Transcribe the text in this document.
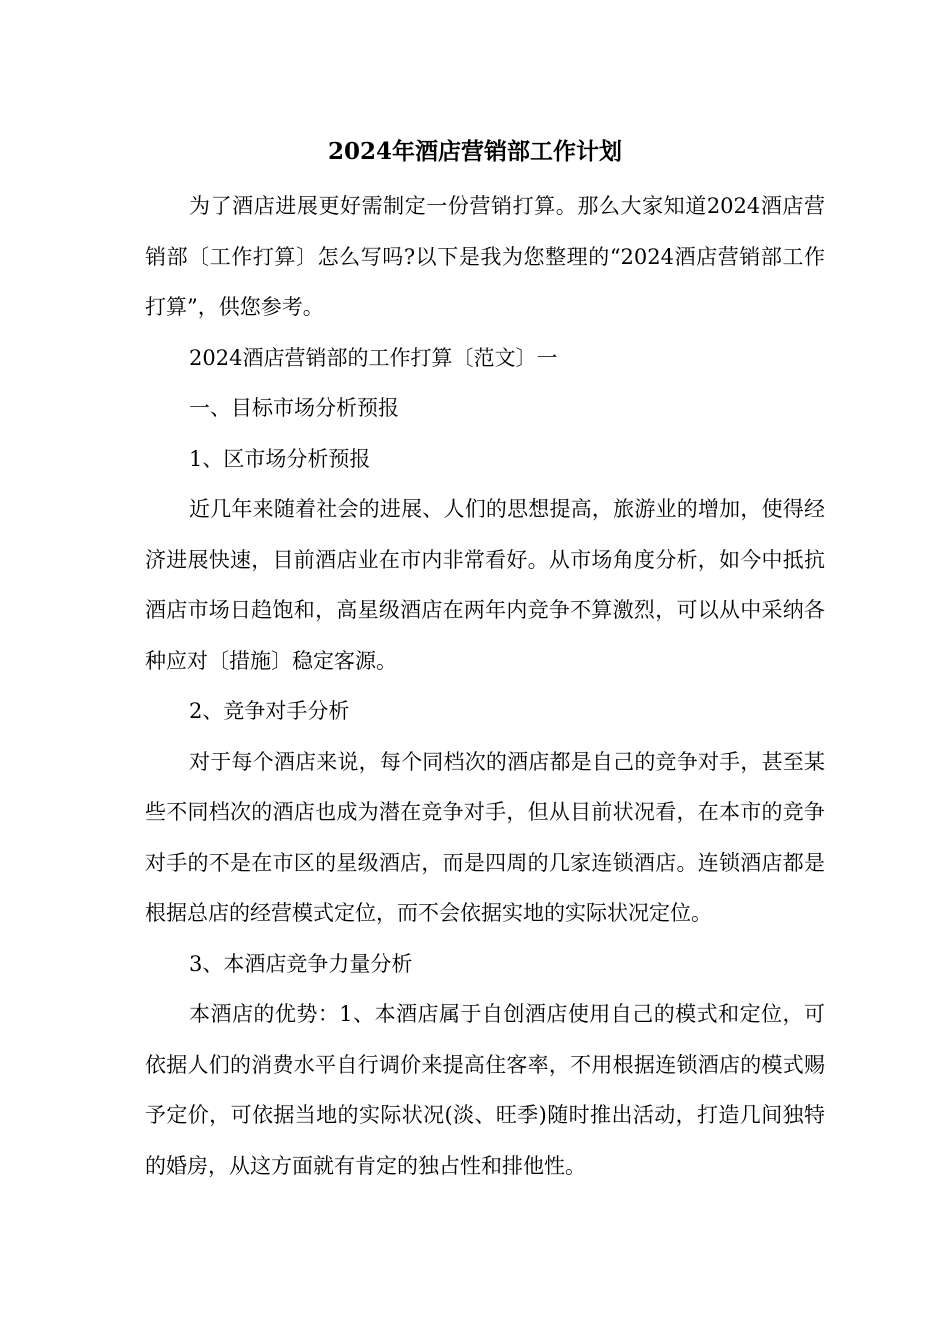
2024年酒店营销部工作计划

为了酒店进展更好需制定一份营销打算。那么大家知道2024酒店营销部〔工作打算〕怎么写吗?以下是我为您整理的“2024酒店营销部工作打算”，供您参考。

2024酒店营销部的工作打算〔范文〕一

一、目标市场分析预报

1、区市场分析预报

近几年来随着社会的进展、人们的思想提高，旅游业的增加，使得经济进展快速，目前酒店业在市内非常看好。从市场角度分析，如今中抵抗酒店市场日趋饱和，高星级酒店在两年内竞争不算激烈，可以从中采纳各种应对〔措施〕稳定客源。

2、竞争对手分析

对于每个酒店来说，每个同档次的酒店都是自己的竞争对手，甚至某些不同档次的酒店也成为潜在竞争对手，但从目前状况看，在本市的竞争对手的不是在市区的星级酒店，而是四周的几家连锁酒店。连锁酒店都是根据总店的经营模式定位，而不会依据实地的实际状况定位。

3、本酒店竞争力量分析

本酒店的优势：1、本酒店属于自创酒店使用自己的模式和定位，可依据人们的消费水平自行调价来提高住客率，不用根据连锁酒店的模式赐予定价，可依据当地的实际状况(淡、旺季)随时推出活动，打造几间独特的婚房，从这方面就有肯定的独占性和排他性。
